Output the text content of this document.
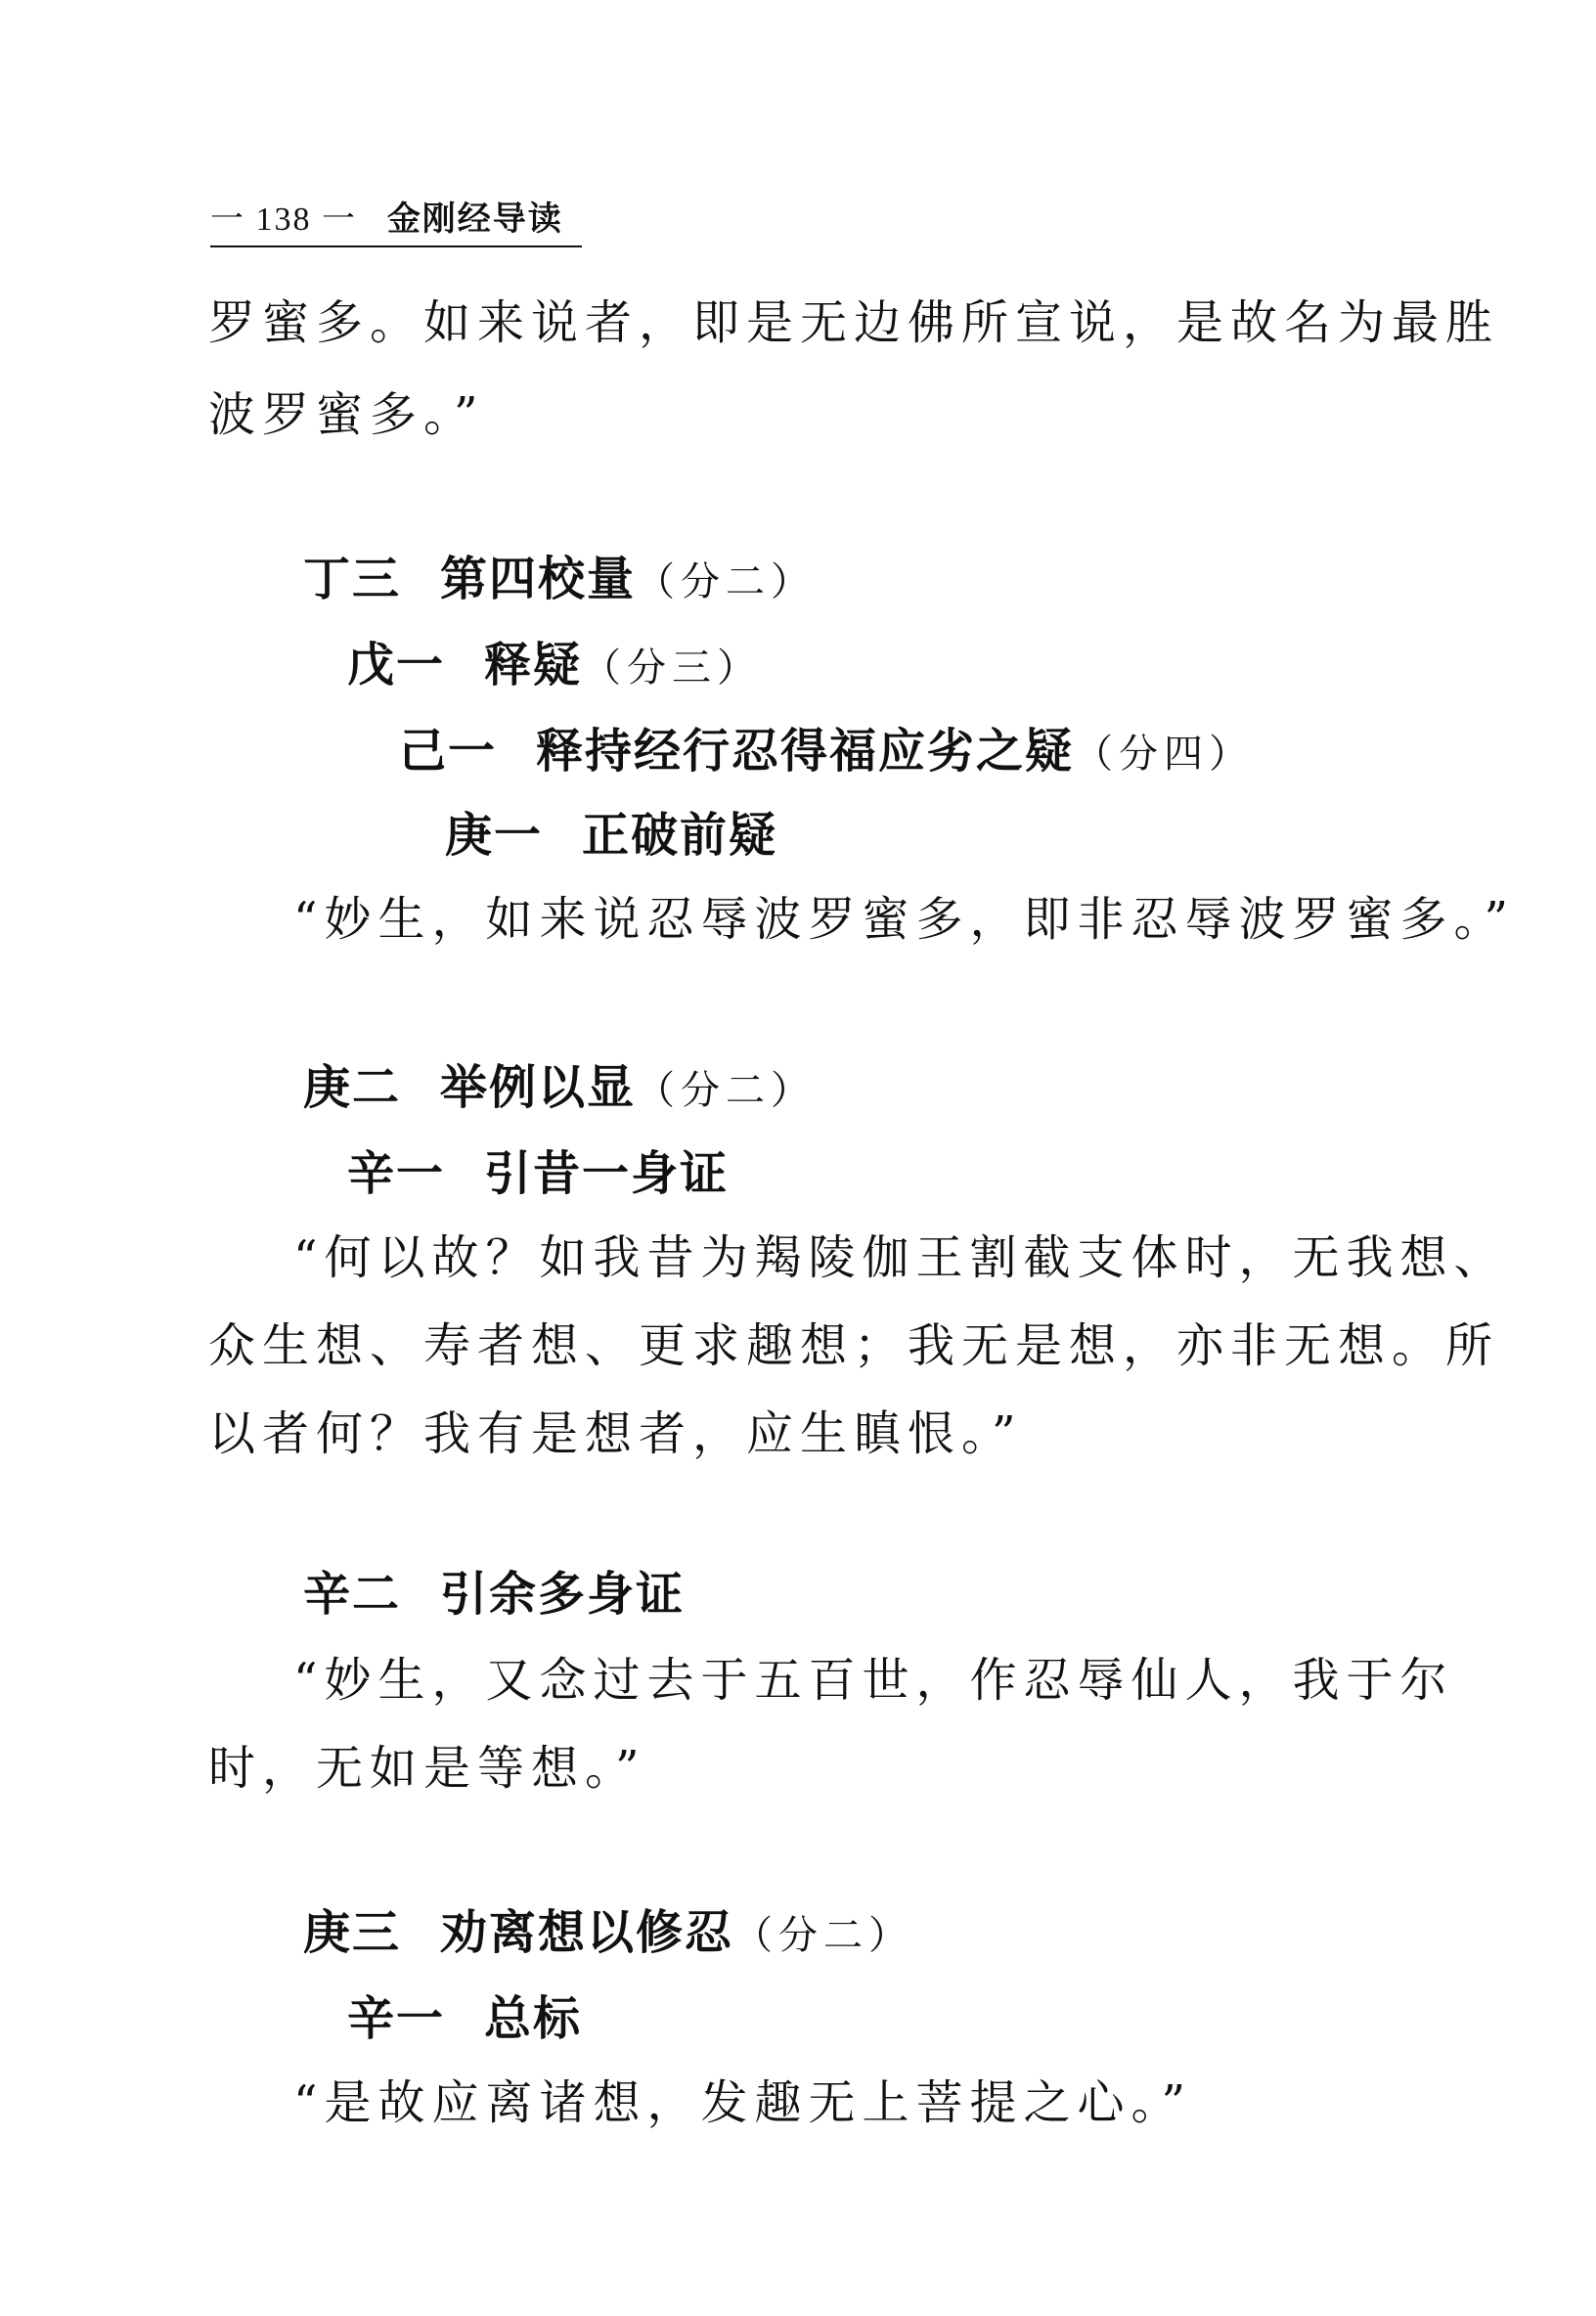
一 138 一 金刚经导读
罗蜜多。如来说者，即是无边佛所宣说，是故名为最胜
波罗蜜多。”
丁三 第四校量（分二）
戊一 释疑（分三）
己一 释持经行忍得福应劣之疑（分四）
庚一 正破前疑
“妙生，如来说忍辱波罗蜜多，即非忍辱波罗蜜多。”
庚二 举例以显（分二）
辛一 引昔一身证
“何以故？如我昔为羯陵伽王割截支体时，无我想、
众生想、寿者想、更求趣想；我无是想，亦非无想。所
以者何？我有是想者，应生瞋恨。”
辛二 引余多身证
“妙生，又念过去于五百世，作忍辱仙人，我于尔
时，无如是等想。”
庚三 劝离想以修忍（分二）
辛一 总标
“是故应离诸想，发趣无上菩提之心。”
